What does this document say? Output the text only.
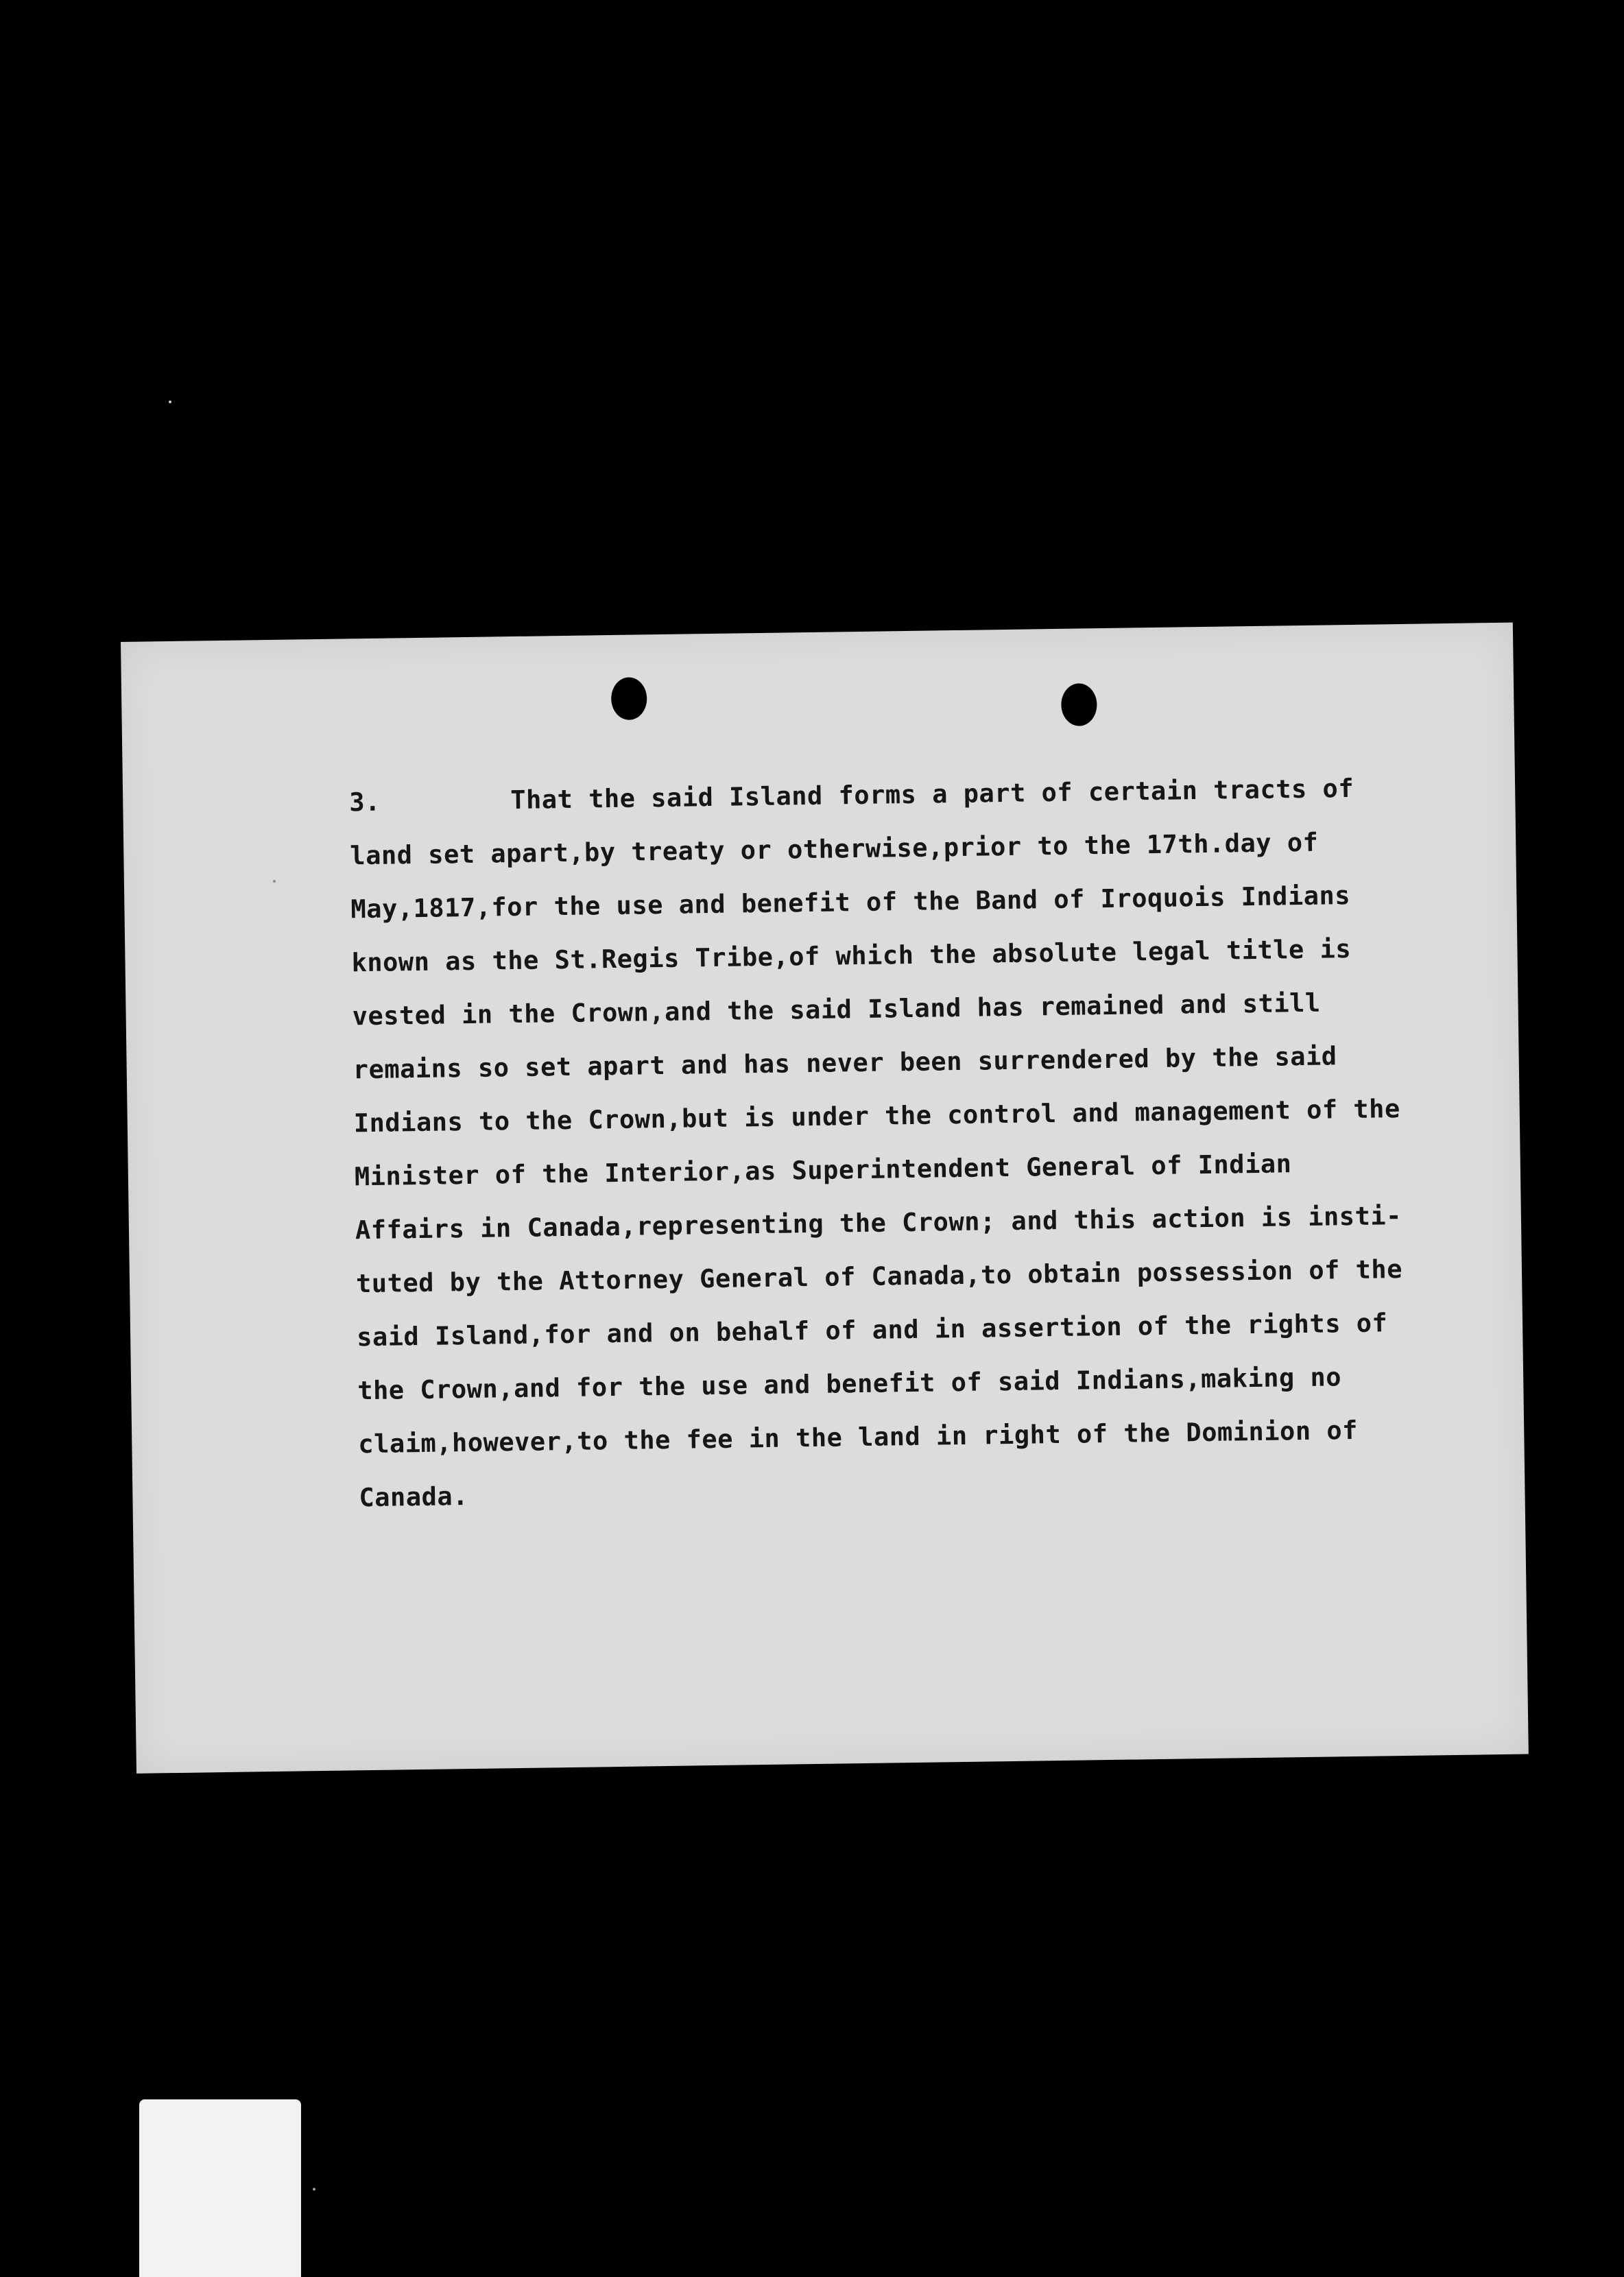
3.	That the said Island forms a part of certain tracts of
land set apart,by treaty or otherwise,prior to the 17th.day of
May,1817,for the use and benefit of the Band of Iroquois Indians
known as the St.Regis Tribe,of which the absolute legal title is
vested in the Crown,and the said Island has remained and still
remains so set apart and has never been surrendered by the said
Indians to the Crown,but is under the control and management of the
Minister of the Interior,as Superintendent General of Indian
Affairs in Canada,representing the Crown; and this action is insti-
tuted by the Attorney General of Canada,to obtain possession of the
said Island,for and on behalf of and in assertion of the rights of
the Crown,and for the use and benefit of said Indians,making no
claim,however,to the fee in the land in right of the Dominion of
Canada.
